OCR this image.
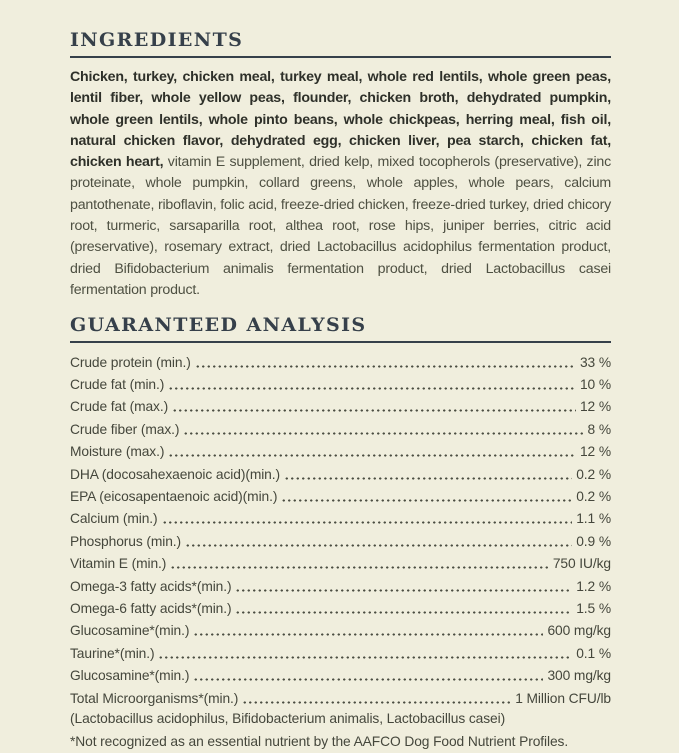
INGREDIENTS

Chicken, turkey, chicken meal, turkey meal, whole red lentils, whole green peas, lentil fiber, whole yellow peas, flounder, chicken broth, dehydrated pumpkin, whole green lentils, whole pinto beans, whole chickpeas, herring meal, fish oil, natural chicken flavor, dehydrated egg, chicken liver, pea starch, chicken fat, chicken heart, vitamin E supplement, dried kelp, mixed tocopherols (preservative), zinc proteinate, whole pumpkin, collard greens, whole apples, whole pears, calcium pantothenate, riboflavin, folic acid, freeze-dried chicken, freeze-dried turkey, dried chicory root, turmeric, sarsaparilla root, althea root, rose hips, juniper berries, citric acid (preservative), rosemary extract, dried Lactobacillus acidophilus fermentation product, dried Bifidobacterium animalis fermentation product, dried Lactobacillus casei fermentation product.

GUARANTEED ANALYSIS
Crude protein (min.)	33 %
Crude fat (min.)	10 %
Crude fat (max.)	12 %
Crude fiber (max.)	8 %
Moisture (max.)	12 %
DHA (docosahexaenoic acid)(min.)	0.2 %
EPA (eicosapentaenoic acid)(min.)	0.2 %
Calcium (min.)	1.1 %
Phosphorus (min.)	0.9 %
Vitamin E (min.)	750 IU/kg
Omega-3 fatty acids*(min.)	1.2 %
Omega-6 fatty acids*(min.)	1.5 %
Glucosamine*(min.)	600 mg/kg
Taurine*(min.)	0.1 %
Glucosamine*(min.)	300 mg/kg
Total Microorganisms*(min.)	1 Million CFU/lb

(Lactobacillus acidophilus, Bifidobacterium animalis, Lactobacillus casei)

*Not recognized as an essential nutrient by the AAFCO Dog Food Nutrient Profiles.
